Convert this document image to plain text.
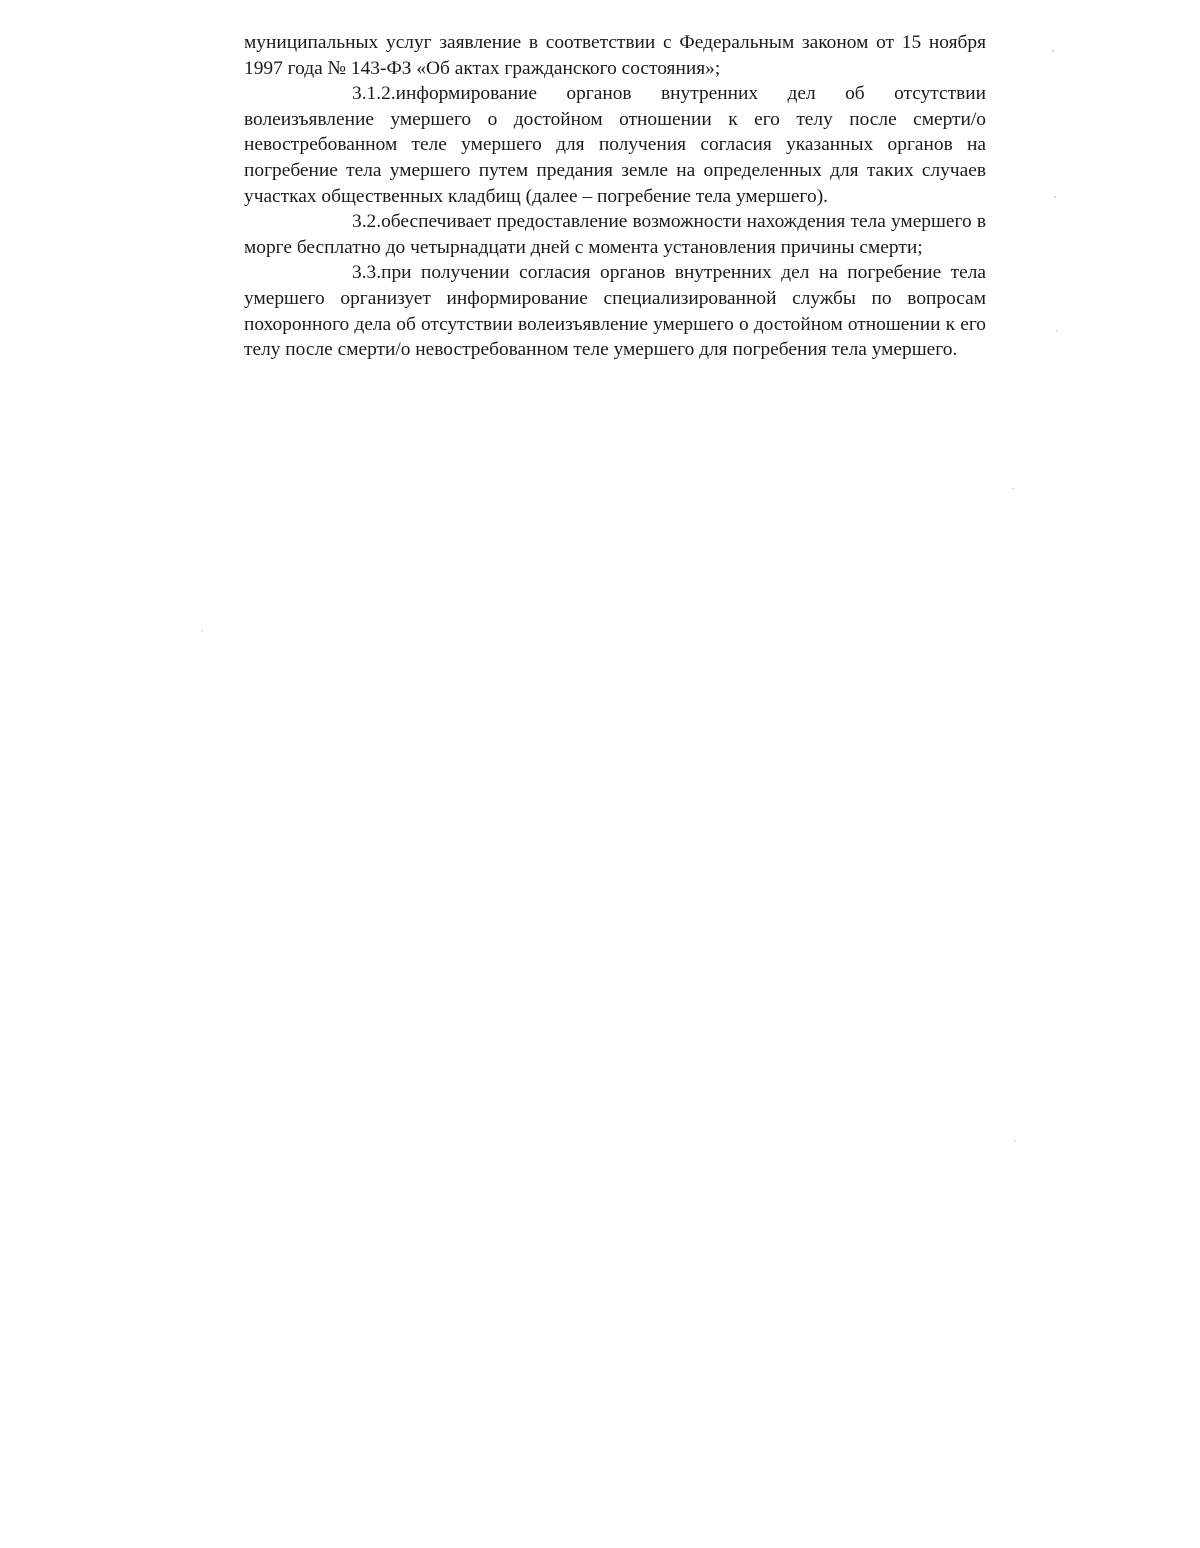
муниципальных услуг заявление в соответствии с Федеральным законом от 15 ноября 1997 года № 143-ФЗ «Об актах гражданского состояния»;

3.1.2.информирование органов внутренних дел об отсутствии волеизъявление умершего о достойном отношении к его телу после смерти/о невостребованном теле умершего для получения согласия указанных органов на погребение тела умершего путем предания земле на определенных для таких случаев участках общественных кладбищ (далее – погребение тела умершего).

3.2.обеспечивает предоставление возможности нахождения тела умершего в морге бесплатно до четырнадцати дней с момента установления причины смерти;

3.3.при получении согласия органов внутренних дел на погребение тела умершего организует информирование специализированной службы по вопросам похоронного дела об отсутствии волеизъявление умершего о достойном отношении к его телу после смерти/о невостребованном теле умершего для погребения тела умершего.
